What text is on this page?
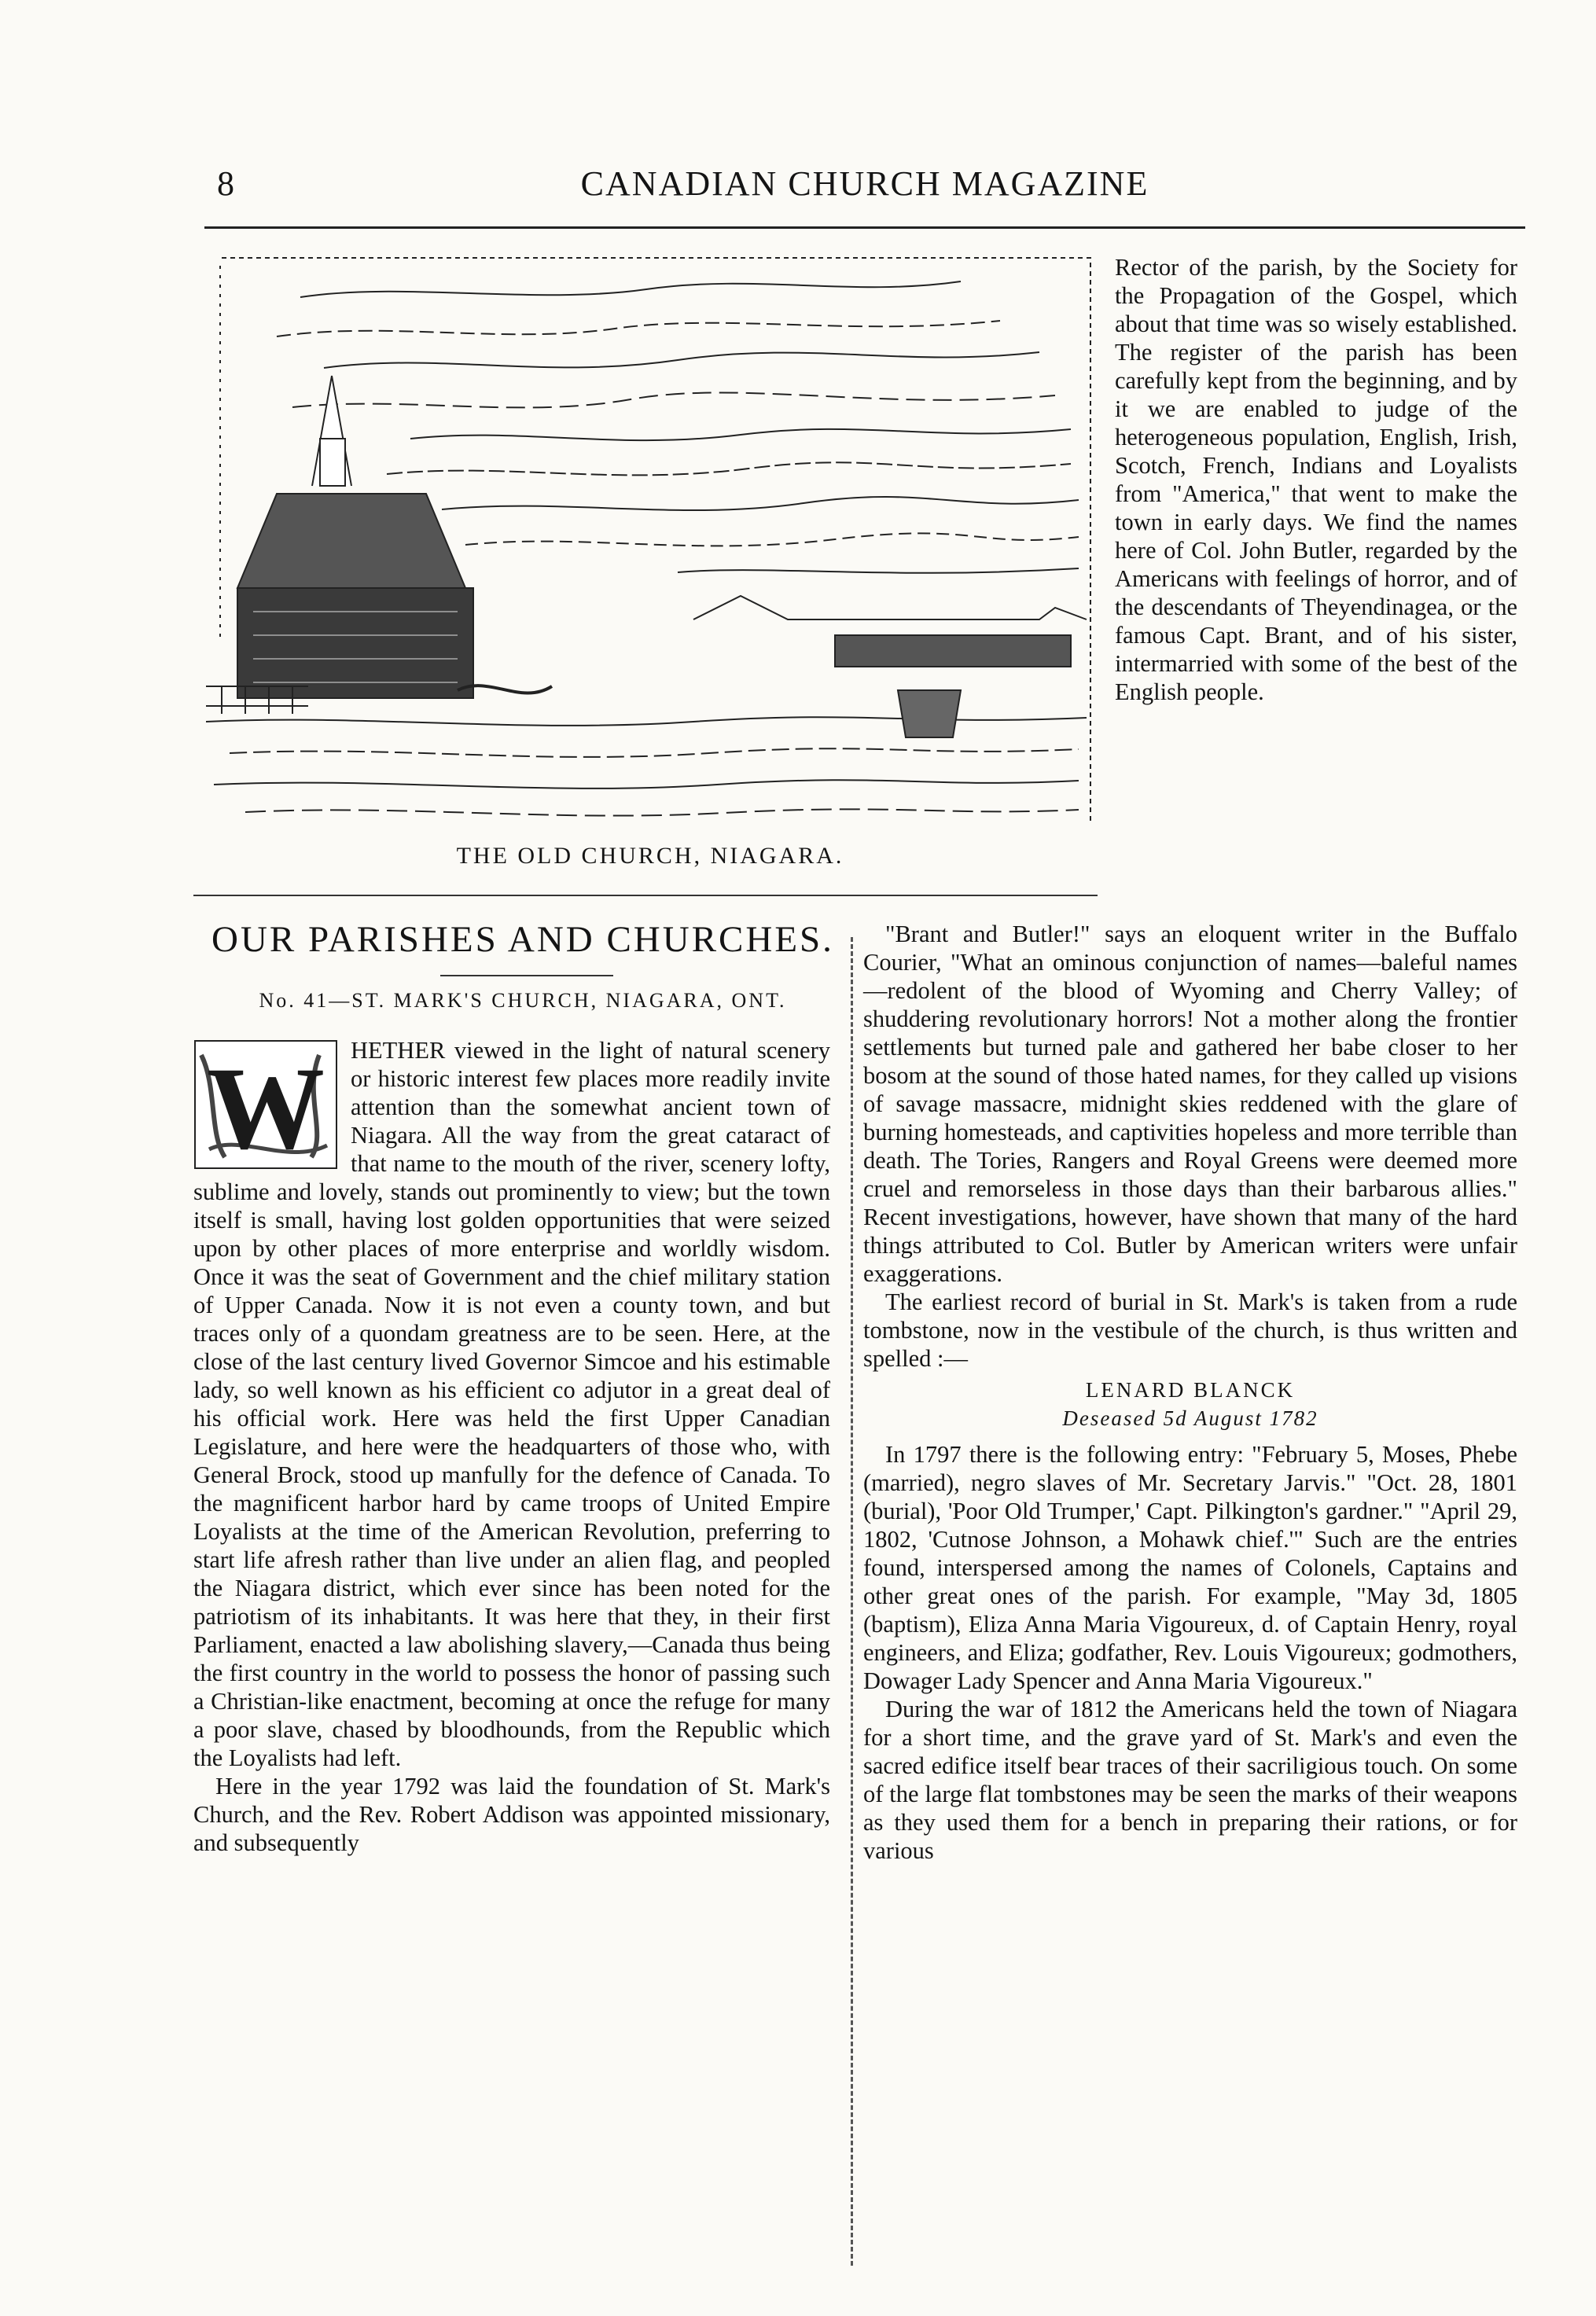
8	CANADIAN CHURCH MAGAZINE
THE OLD CHURCH, NIAGARA.
OUR PARISHES AND CHURCHES.
No. 41—ST. MARK'S CHURCH, NIAGARA, ONT.
W	HETHER viewed in the light of natural scenery or historic interest few places more readily invite attention than the somewhat ancient town of Niagara. All the way from the great cataract of that name to the mouth of the river, scenery lofty, sublime and lovely, stands out prominently to view; but the town itself is small, having lost golden opportunities that were seized upon by other places of more enterprise and worldly wisdom. Once it was the seat of Government and the chief military station of Upper Canada. Now it is not even a county town, and but traces only of a quondam greatness are to be seen. Here, at the close of the last century lived Governor Simcoe and his estimable lady, so well known as his efficient co adjutor in a great deal of his official work. Here was held the first Upper Canadian Legislature, and here were the headquarters of those who, with General Brock, stood up manfully for the defence of Canada. To the magnificent harbor hard by came troops of United Empire Loyalists at the time of the American Revolution, preferring to start life afresh rather than live under an alien flag, and peopled the Niagara district, which ever since has been noted for the patriotism of its inhabitants. It was here that they, in their first Parliament, enacted a law abolishing slavery,—Canada thus being the first country in the world to possess the honor of passing such a Christian-like enactment, becoming at once the refuge for many a poor slave, chased by bloodhounds, from the Republic which the Loyalists had left.

Here in the year 1792 was laid the foundation of St. Mark's Church, and the Rev. Robert Addison was appointed missionary, and subsequently

Rector of the parish, by the Society for the Propagation of the Gospel, which about that time was so wisely established. The register of the parish has been carefully kept from the beginning, and by it we are enabled to judge of the heterogeneous population, English, Irish, Scotch, French, Indians and Loyalists from "America," that went to make the town in early days. We find the names here of Col. John Butler, regarded by the Americans with feelings of horror, and of the descendants of Theyendinagea, or the famous Capt. Brant, and of his sister, intermarried with some of the best of the English people.

"Brant and Butler!" says an eloquent writer in the Buffalo Courier, "What an ominous conjunction of names—baleful names—redolent of the blood of Wyoming and Cherry Valley; of shuddering revolutionary horrors! Not a mother along the frontier settlements but turned pale and gathered her babe closer to her bosom at the sound of those hated names, for they called up visions of savage massacre, midnight skies reddened with the glare of burning homesteads, and captivities hopeless and more terrible than death. The Tories, Rangers and Royal Greens were deemed more cruel and remorseless in those days than their barbarous allies." Recent investigations, however, have shown that many of the hard things attributed to Col. Butler by American writers were unfair exaggerations.

The earliest record of burial in St. Mark's is taken from a rude tombstone, now in the vestibule of the church, is thus written and spelled :—

LENARD BLANCK

Deseased 5d August 1782

In 1797 there is the following entry: "February 5, Moses, Phebe (married), negro slaves of Mr. Secretary Jarvis." "Oct. 28, 1801 (burial), 'Poor Old Trumper,' Capt. Pilkington's gardner." "April 29, 1802, 'Cutnose Johnson, a Mohawk chief.'" Such are the entries found, interspersed among the names of Colonels, Captains and other great ones of the parish. For example, "May 3d, 1805 (baptism), Eliza Anna Maria Vigoureux, d. of Captain Henry, royal engineers, and Eliza; godfather, Rev. Louis Vigoureux; godmothers, Dowager Lady Spencer and Anna Maria Vigoureux."

During the war of 1812 the Americans held the town of Niagara for a short time, and the grave yard of St. Mark's and even the sacred edifice itself bear traces of their sacriligious touch. On some of the large flat tombstones may be seen the marks of their weapons as they used them for a bench in preparing their rations, or for various
